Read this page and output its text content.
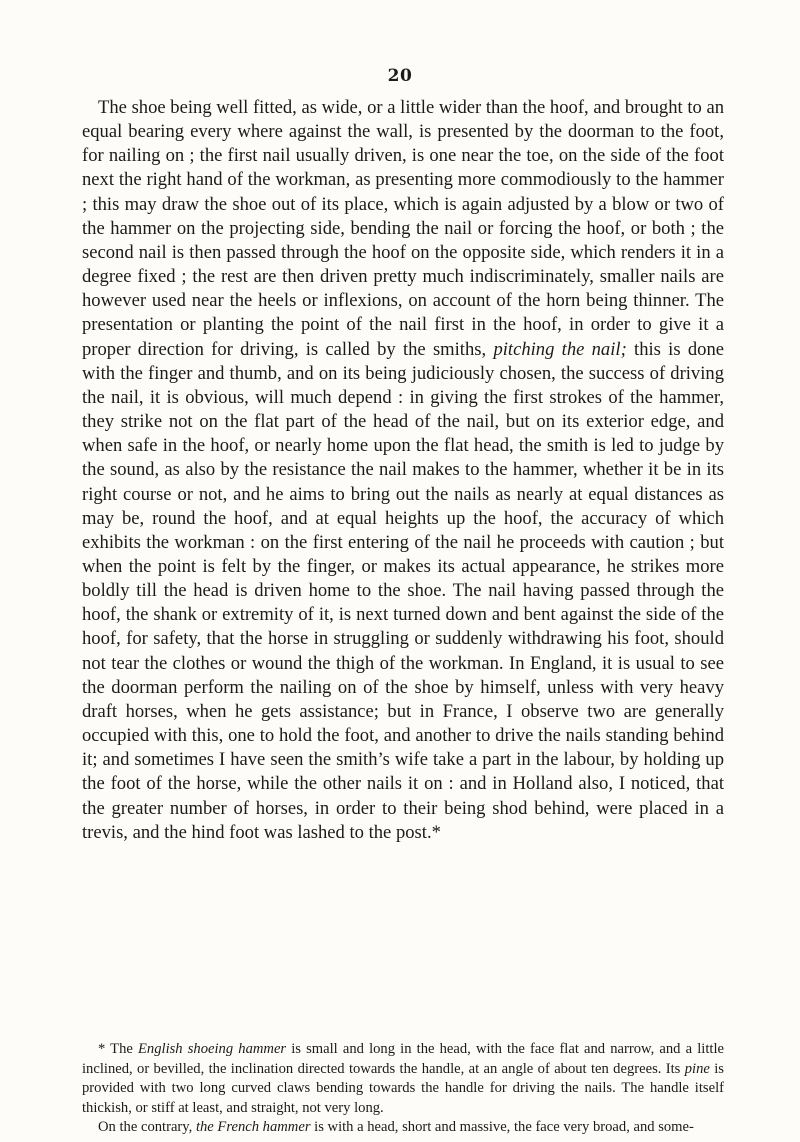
20

The shoe being well fitted, as wide, or a little wider than the hoof, and brought to an equal bearing every where against the wall, is presented by the doorman to the foot, for nailing on ; the first nail usually driven, is one near the toe, on the side of the foot next the right hand of the workman, as presenting more commodiously to the hammer ; this may draw the shoe out of its place, which is again adjusted by a blow or two of the hammer on the projecting side, bending the nail or forcing the hoof, or both ; the second nail is then passed through the hoof on the opposite side, which renders it in a degree fixed ; the rest are then driven pretty much indiscriminately, smaller nails are however used near the heels or inflexions, on account of the horn being thinner. The presentation or planting the point of the nail first in the hoof, in order to give it a proper direction for driving, is called by the smiths, pitching the nail; this is done with the finger and thumb, and on its being judiciously chosen, the success of driving the nail, it is obvious, will much depend : in giving the first strokes of the hammer, they strike not on the flat part of the head of the nail, but on its exterior edge, and when safe in the hoof, or nearly home upon the flat head, the smith is led to judge by the sound, as also by the resistance the nail makes to the hammer, whether it be in its right course or not, and he aims to bring out the nails as nearly at equal distances as may be, round the hoof, and at equal heights up the hoof, the accuracy of which exhibits the workman : on the first entering of the nail he proceeds with caution ; but when the point is felt by the finger, or makes its actual appearance, he strikes more boldly till the head is driven home to the shoe. The nail having passed through the hoof, the shank or extremity of it, is next turned down and bent against the side of the hoof, for safety, that the horse in struggling or suddenly withdrawing his foot, should not tear the clothes or wound the thigh of the workman. In England, it is usual to see the doorman perform the nailing on of the shoe by himself, unless with very heavy draft horses, when he gets assistance; but in France, I observe two are generally occupied with this, one to hold the foot, and another to drive the nails standing behind it; and sometimes I have seen the smith’s wife take a part in the labour, by holding up the foot of the horse, while the other nails it on : and in Holland also, I noticed, that the greater number of horses, in order to their being shod behind, were placed in a trevis, and the hind foot was lashed to the post.*

* The English shoeing hammer is small and long in the head, with the face flat and narrow, and a little inclined, or bevilled, the inclination directed towards the handle, at an angle of about ten degrees. Its pine is provided with two long curved claws bending towards the handle for driving the nails. The handle itself thickish, or stiff at least, and straight, not very long.

On the contrary, the French hammer is with a head, short and massive, the face very broad, and some-
